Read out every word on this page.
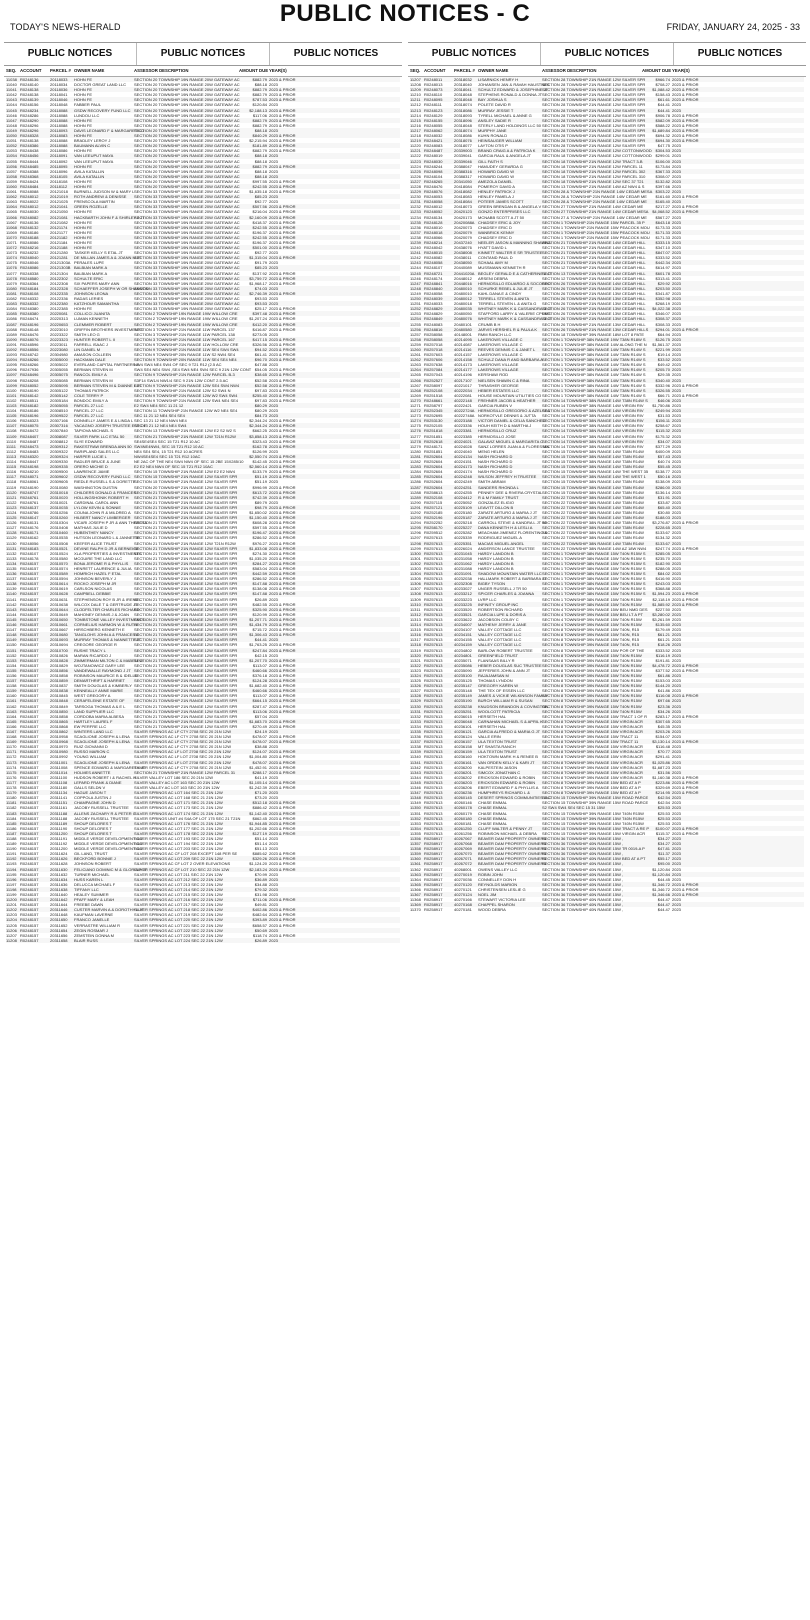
TODAY'S NEWS-HERALD	PUBLIC NOTICES - C	FRIDAY, JANUARY 24, 2025 - 33
PUBLIC NOTICES	PUBLIC NOTICES	PUBLIC NOTICES
SEQ. ACCOUNT	PARCEL # OWNER NAME	ASSESSOR DESCRIPTION	AMOUNT DUE YEAR(S)
11038 R0248136	20118033	HOHN FE	SECTION 20 TOWNSHIP 19N RANGE 20W GATEWAY AC	$882.79 2023 & PRIOR
11040 R0248140	20118034	DOCTOR GREAT LAND LLC	SECTION 20 TOWNSHIP 19N RANGE 20W GATEWAY AC	$88.18 2023
11041 R0248138	20118036	HOHN FE	SECTION 20 TOWNSHIP 19N RANGE 20W GATEWAY AC	$882.79 2023 & PRIOR
11042 R0248138	20118041	HOHN FE	SECTION 20 TOWNSHIP 19N RANGE 20W GATEWAY AC	$882.79 2023 & PRIOR
11043 R0248139	20118046	HOHN FE	SECTION 20 TOWNSHIP 19N RANGE 20W GATEWAY AC	$787.53 2023 & PRIOR
11044 R0248156	20118048	FABBER PAUL	SECTION 20 TOWNSHIP 19N RANGE 20W GATEWAY AC	$120.84 2023
11045 R0248234	20118088	GSDW RECOVERY FUND LLC SECTION 20 TOWNSHIP 19N RANGE 20W GATEWAY AC	$2,188.13 2023 & PRIOR
11046 R0248286	20118088	LUNDOU LLC	SECTION 20 TOWNSHIP 19N RANGE 20W GATEWAY AC	$117.06 2023 & PRIOR
11047 R0248290	20118088	HOHN FE	SECTION 20 TOWNSHIP 19N RANGE 20W GATEWAY AC	$882.79 2023 & PRIOR
11048 R0248296	20118088	HOHN FE	SECTION 20 TOWNSHIP 19N RANGE 20W GATEWAY AC	$882.79 2023 & PRIOR
11049 R0248296	20118093	DAVIS LEONARD F & MARGARET CO
SECTION 20 TOWNSHIP 19N RANGE 20W GATEWAY AC	$88.18 2023
11050 R0248328	20118083	HOHN FE	SECTION 20 TOWNSHIP 19N RANGE 20W GATEWAY AC	$840.29 2023 & PRIOR
11051 R0248138	20118088	BRADLEY LEROY J	SECTION 20 TOWNSHIP 19N RANGE 20W GATEWAY AC	$2,215.94 2023 & PRIOR
11052 R0248386	20118088	BAUMANN ALVIN C	SECTION 20 TOWNSHIP 19N RANGE 20W GATEWAY AC	$181.89 2023 & PRIOR
11053 R0248438	20118086	HOHN FE	SECTION 20 TOWNSHIP 19N RANGE 20W GATEWAY AC	$882.79 2023 & PRIOR
11054 R0248456	20118091	VAN LEEUPUT MAYA	SECTION 20 TOWNSHIP 19N RANGE 20W GATEWAY AC	$88.18 2023
11055 R0248444	20118092	VAN LEEUPUT MAYA	SECTION 20 TOWNSHIP 19N RANGE 20W GATEWAY AC	$88.18 2023
11056 R0248485	20118095	HOHN FE	SECTION 20 TOWNSHIP 19N RANGE 20W GATEWAY AC	$882.79 2023 & PRIOR
11057 R0248388	20118096	AVILA KATALLIN	SECTION 20 TOWNSHIP 19N RANGE 20W GATEWAY AC	$88.18 2023
11058 R0248368	20118105	AVILA KATALLIN	SECTION 20 TOWNSHIP 19N RANGE 20W GATEWAY AC	$88.18 2023
11059 R0248424	20118108	HOHN FE	SECTION 20 TOWNSHIP 19N RANGE 20W GATEWAY AC	$997.55 2023 & PRIOR
11060 R0248484	20118112	HOHN FE	SECTION 20 TOWNSHIP 19N RANGE 20W GATEWAY AC	$242.55 2023 & PRIOR
11061 R0248088	20121018	BURNELL JUDSON W & MARY L SECTION 33 TOWNSHIP 19N RANGE 20W GATEWAY AC	$1,635.18 2023 & PRIOR
11062 R0248012	20121019	ROTH ANDREW & DENISSE	SECTION 33 TOWNSHIP 19N RANGE 20W GATEWAY AC	$85.23 2023
11063 R0248022	20121025	FRENSCOLA MARTIN	SECTION 33 TOWNSHIP 19N RANGE 20W GATEWAY AC	$92.77 2023
11064 R0248012	20121041	GREEN ROZELLE	SECTION 33 TOWNSHIP 19N RANGE 20W GATEWAY AC	$507.56 2023 & PRIOR
11065 R0248030	20121050	HOHN FE	SECTION 33 TOWNSHIP 19N RANGE 20W GATEWAY AC	$216.04 2023 & PRIOR
11066 R0248082	20121081	HACKBARTH JOHN F & SHIRLEY J JT
SECTION 33 TOWNSHIP 19N RANGE 20W GATEWAY AC	$2,160.09 2023 & PRIOR
11067 R0248136	20121082	HOHN FE	SECTION 33 TOWNSHIP 19N RANGE 20W GATEWAY AC	$418.37 2023 & PRIOR
11068 R0248132	20121174	HOHN FE	SECTION 33 TOWNSHIP 19N RANGE 20W GATEWAY AC	$242.55 2023 & PRIOR
11069 R0248186	20121177	HOHN FE	SECTION 33 TOWNSHIP 19N RANGE 20W GATEWAY AC	$196.37 2023 & PRIOR
11070 R0248188	20121182	HOHN FE	SECTION 33 TOWNSHIP 19N RANGE 20W GATEWAY AC	$242.55 2023 & PRIOR
11071 R0248086	20121184	HOHN FE	SECTION 33 TOWNSHIP 19N RANGE 20W GATEWAY AC	$196.37 2023 & PRIOR
11072 R0248216	20121188	HOHN FE	SECTION 33 TOWNSHIP 19N RANGE 20W GATEWAY AC	$501.00 2023 & PRIOR
11073 R0248232	20121280	TASKER KELLY S ETAL JT	SECTION 33 TOWNSHIP 19N RANGE 20W GATEWAY AC	$92.77 2023
11074 R0248040	20121281	DE MILLAN JAMES A & JOANN M JT
SECTION 33 TOWNSHIP 19N RANGE 20W GATEWAY AC	$1,315.04 2023 & PRIOR
11075 R0248046	20121303A PERALES LUPE	SECTION 33 TOWNSHIP 19N RANGE 20W GATEWAY AC	$91.79 2023
11076 R0248086	20121303B BALBIAN MARK A	SECTION 33 TOWNSHIP 19N RANGE 20W GATEWAY AC	$85.23 2023
11077 R0248338	20121304	BALBIAN MARK A	SECTION 33 TOWNSHIP 19N RANGE 20W GATEWAY AC	$137.92 2023 & PRIOR
11078 R0248580	20122302	SCHULTE ERIC	SECTION 33 TOWNSHIP 19N RANGE 20W GATEWAY AC	$3,759.72 2023 & PRIOR
11079 R0248364	20122308	SIX PAPERS MARY ANN	SECTION 33 TOWNSHIP 19N RANGE 20W GATEWAY AC	$1,968.17 2023 & PRIOR
11080 R0248184	20122328	SCHAEFFER JOSEPH W OR SHANNON
SECTION 33 TOWNSHIP 19N RANGE 20W GATEWAY AC	$74.03 2023
11081 R0248108	20122335	JOHNSON LEONA	SECTION 33 TOWNSHIP 19N RANGE 20W GATEWAY AC	$2,746.39 2023 & PRIOR
11082 R0248332	20122336	RADAS LERIES	SECTION 33 TOWNSHIP 19N RANGE 20W GATEWAY AC	$93.53 2023
11083 R0248332	20122380	KATZHOUR SAMANTHA	SECTION 33 TOWNSHIP 19N RANGE 20W GATEWAY AC	$93.53 2023
11084 R0248380	20122385	HOHN FE	SECTION 33 TOWNSHIP 19N RANGE 20W GATEWAY AC	$25.17 2023 & PRIOR
11085 R0248380	20220081	COLLICCI JUANITA	SECTION 2 TOWNSHIP 19N RANGE 19W WILLOW CRE	$397.48 2023 & PRIOR
11086 R0248474	20220313	LUMAN KENNETH	SECTION 2 TOWNSHIP 19N RANGE 19W WILLOW CRE	$1,207.24 2023 & PRIOR
11087 R0248196	20220653	CLEMMER ROBERT	SECTION 2 TOWNSHIP 19N RANGE 19W WILLOW CRE	$412.20 2023 & PRIOR
11088 R0248148	20223010	GRIFFIN BROTHERS INVESTMENTS
SECTION 3 TOWNSHIP 21N RANGE 11W PARCEL 137	$416.87 2023 & PRIOR
11089 R0248476	20223322	SMITH LEO G	SECTION 3 TOWNSHIP 21N RANGE 11W PARCEL 138	$273.05 2023
11090 R0248076	20223323	HUNTER ROBERT L II	SECTION 3 TOWNSHIP 21N RANGE 11W PARCEL 167	$417.15 2023 & PRIOR
11091 R0248596	20223011	FARRELL ISAAC J	SECTION 9 TOWNSHIP 21N RANGE 11W HOLLOW CRE	$326.56 2023 & PRIOR
11092 R0248556	20223080	LIN DANIEL M	SECTION 9 TOWNSHIP 21N RANGE 11W SE4 SW4 SW4	$94.52 2023 & PRIOR
11093 R0248742	20304980	AMASON COLLEEN	SECTION 9 TOWNSHIP 20N RANGE 11W S2 NW4 SE4	$61.41 2023 & PRIOR
11094 R0248266	20305000	HACKMAN DALE	SECTION 9 TOWNSHIP 20N RANGE 11W SE4 SE4 NE4	$96.70 2023 & PRIOR
11095 R0248266	20305022	EVERLAND CAPITAL PARTNERS 4
NW4 SW4 NE4 SW4 OF SEC 9 T21 R12 (2.5 AC	$47.88 2023
11096 R0247936	20305055	BERMAN STEVEN M	SW4 SE4 NE4 SW4 ,SE4 SW4 NE4 SW4 SEC 9 21N 12W CONT $54.05 2023 & PRIOR
11097 R0248496	20305075	RANCOL EMILY A	SECTION 9 TOWNSHIP 21N RANGE 12W PARCEL B-3	$38.65 2023 & PRIOR
11098 R0248208	20305085	BERMAN STEVEN M	S3F14 SW1/4 NW1/4 SEC 9 21N 12W CONT 2.5 AC	$52.58 2023 & PRIOR
11099 R0248052	20305095	BERMAN STEVEN M & DIANNE L JT
SECTION 9 TOWNSHIP 21N RANGE 12W SE4 SW4 NW4	$52.58 2023 & PRIOR
11100 R0248190	20305122	THOMAS PATRICK	SECTION 9 TOWNSHIP 21N RANGE 12W S2 SW4 N	$97.83 2023 & PRIOR
11101 R0248142	20305142	COLE TERRY P	SECTION 9 TOWNSHIP 21N RANGE 12W W2 SW4 SW4	$255.40 2023 & PRIOR
11102 R0248511	20305184	BONDOC EMILY A	SECTION 9 TOWNSHIP 21N RANGE 12W SW4 NE4 SE4	$97.83 2023 & PRIOR
11103 R0248182	20305055	PARCEL 27 LLC	E2 SW4 NE4 SEC 11 21 12	$80.29 2023
11104 R0248186	20308510	PARCEL 27 LLC	SECTION 11 TOWNSHIP 21N RANGE 12W W2 NE4 SE4	$80.29 2023
11105 R0248196	20309522	PARCEL 27 LLC	SEC 11 21 12 NE4 SE4 SE4	$84.73 2023
11106 R0248323	20307166	DONNELLY JAMES E & LINDA L SEC 13 21 12 NE4 NW4 NE4	$2,344.24 2023 & PRIOR
11107 R0248075	20307316	YACAGNO JOSEPH TRUSTEE EST OF
SEC 13 21 12 NE4 NE4 SW4	$2,344.24 2023 & PRIOR
11108 R0248472	20307840	TAPIOVA MICHAEL S	SECTION 13 TOWNSHIP 21N RANGE 12W E2 S2 W2 S	$662.25 2023 & PRIOR
11109 R0248407	20308087	SILVER PARK LLC ETAL 50	SECTION 21 TOWNSHIP 21N RANGE 12W T21N R12W	$3,858.13 2023 & PRIOR
11110 R0248487	20308812	SLYE EDWARD	SE4SE4SE4 SEC 15 T21 R12 10 AC	$323.43 2023 & PRIOR
11111	R0248473	20309312	RAKESTRAW BRENDA ANN 50 SW4NE4NW4, SEC 15 T21 R12 10 AC	$162.78 2023 & PRIOR
11112 R0248483	20309322	RARIPLAND SALES LLC	NE4 SE4 SE4, 15 T21 R12 10 ACRES	$126.99 2023
11113 R0248320	20309324	HARPER LUCIE L	NW4SE4SE4 SEC 15 T21 R12 10AC	$2,550.74 2023 & PRIOR
11114 R0248447	20309330	RADLER BRUCE & JUNE	NE 2AC OF THE NE4 SW4 NW4 OF SEC 15 2BE 15X285/10	$142.45 2023 & PRIOR
11115 R0248198	20309335	ORERO MICHIE D	E2 E2 NE4 NW4 OF SEC 15 T21 R12 10AC	$2,560.14 2023 & PRIOR
11116 R0248210	20309500	LAWRENCE JAMIE	SECTION 15 TOWNSHIP 21N RANGE 12W E2 E2 NW4	$133.79 2023 & PRIOR
11117 R0248071	20309602	GSDW RECOVERY FUND LLC SECTION 15 TOWNSHIP 21N RANGE 12W SILVER SPR	$51.19 2023 & PRIOR
11118 R0248061	20309605	RIEDLE RUSSELL S & DORETTE
SECTION 15 TOWNSHIP 21N RANGE 12W SILVER SPR	$51.19 2023
11119 R0248190	20310080	WASHINGTON DUSTIN	SECTION 20 TOWNSHIP 21N RANGE 12W SILVER SPR	$996.99 2023 & PRIOR
11120 R0248747	20310018	CHILDERS DONALD & FRANCES
SECTION 21 TOWNSHIP 21N RANGE 12W SILVER SPR	$613.72 2023 & PRIOR
11121 R0248761	20310020	HOLLINGSHONIK ROBERT H	SECTION 21 TOWNSHIP 21N RANGE 12W SILVER SPR	$742.39 2023 & PRIOR
11122 R0248761	20310021	CARDINAL CAROL ANN	SECTION 21 TOWNSHIP 21N RANGE 12W SILVER SPR	$89.79 2023
11123 R0248137	20310035	LYLOW KEVIN & SONNIE	SECTION 21 TOWNSHIP 21N RANGE 12W SILVER SPR	$98.79 2023 & PRIOR
11124 R0248786	20310256	COUNA JOHN R & MILDRED A SECTION 21 TOWNSHIP 21N RANGE 12W SILVER SPR	$1,650.02 2023 & PRIOR
11125 R0248147	20310260	HILBERT NANCY LIMBERGER SECTION 21 TOWNSHIP 21N RANGE 12W SILVER SPR	$1,150.40 2023 & PRIOR
11126 R0248131	20310304	VICARI JOSEPH P JR & ANN THERESA
SECTION 21 TOWNSHIP 21N RANGE 12W SILVER SPR	$608.28 2023 & PRIOR
11127 R0248176	20310408	MATHIAS JULIE D	SECTION 21 TOWNSHIP 21N RANGE 12W SILVER SPR	$597.55 2023 & PRIOR
11128 R0248171	20310460	HUBENTHEY NANCY	SECTION 21 TOWNSHIP 21N RANGE 12W SILVER SPR	$196.47 2023 & PRIOR
11129 R0248162	20310535	HUTSON LEONARD L & JANNETTE
SECTION 21 TOWNSHIP 21N RANGE 12W SILVER SPR	$286.52 2023 & PRIOR
11130 R0248056	20310508	KEEFER ALICE TRUST	SECTION 21 TOWNSHIP 21N RANGE 12W T21N R12W	$976.27 2023 & PRIOR
11131 R0248183	20310521	DEVINE RALPH D JR & BERNEICE
SECTION 21 TOWNSHIP 21N RANGE 12W SILVER SPR	$1,833.08 2023 & PRIOR
11132 R0248107	20310524	XLA PROPERTIES & INVESTMENTS
SECTION 21 TOWNSHIP 21N RANGE 12W SILVER SPR	$274.30 2023 & PRIOR
11133 R0248178	20310580	MCGUIRE THE LAND LLC	SECTION 21 TOWNSHIP 21N RANGE 12W SILVER SPR	$1,035.20 2023 & PRIOR
11134 R0248157	20310570	BONA JEROME R & PHYLLIS	SECTION 21 TOWNSHIP 21N RANGE 12W SILVER SPR	$284.27 2023 & PRIOR
11135 R0248157	20310574	HENRETT LAURENCE & JULIA SECTION 21 TOWNSHIP 21N RANGE 12W SILVER SPR	$583.04 2023 & PRIOR
11136 R0248157	20310589	HOMRICH HAZEL F ETAL	SECTION 21 TOWNSHIP 21N RANGE 12W SILVER SPR	$442.59 2023 & PRIOR
11137 R0248157	20310594	JOHNSON BEVERLY J	SECTION 21 TOWNSHIP 21N RANGE 12W SILVER SPR	$286.52 2023 & PRIOR
11138 R0248157	20310614	ROCKO JOSEPH M JR	SECTION 21 TOWNSHIP 21N RANGE 12W SILVER SPR	$147.88 2023 & PRIOR
11139 R0248157	20310619	CARLSON NICOLAS	SECTION 21 TOWNSHIP 21N RANGE 12W SILVER SPR	$138.08 2023 & PRIOR
11140 R0248157	20310628	CAMPBELL DEBBIE	SECTION 21 TOWNSHIP 21N RANGE 12W SILVER SPR	$147.88 2023 & PRIOR
11141 R0248157	20310631	STEPHENSON ROY B JR & IRENE L
SECTION 21 TOWNSHIP 21N RANGE 12W SILVER SPR	$26.89 2023
11142 R0248157	20310638	WILCOX DALE T & GERTRUDE JT
SECTION 21 TOWNSHIP 21N RANGE 12W SILVER SPR	$482.55 2023 & PRIOR
11143 R0248157	20310644	CLODFELTER CHARLES RICHARD
SECTION 21 TOWNSHIP 21N RANGE 12W SILVER SPR	$325.90 2023 & PRIOR
11144 R0248157	20310649	MAHONEY DENNIS J & JOAN	SECTION 21 TOWNSHIP 21N RANGE 12W SILVER SPR	$120.99 2023 & PRIOR
11145 R0248157	20310650	TOMBSTONE VALLEY INVESTMENTS
SECTION 21 TOWNSHIP 21N RANGE 12W SILVER SPR	$1,207.71 2023 & PRIOR
11146 R0248157	20310661	CORNELIUS HARMON W & RUTH
SECTION 21 TOWNSHIP 21N RANGE 12W SILVER SPR	$1,434.79 2023 & PRIOR
11147 R0248157	20310667	HIRSCHBERG KENNETH E	SECTION 21 TOWNSHIP 21N RANGE 12W SILVER SPR	$715.72 2023 & PRIOR
11148 R0248157	20310680	TANGLOHS JOHN A & FRANCES C
SECTION 21 TOWNSHIP 21N RANGE 12W SILVER SPR	$1,306.43 2023 & PRIOR
11149 R0248157	20310693	MURRAY THOMAS & NANNETTE JT
SECTION 21 TOWNSHIP 21N RANGE 12W SILVER SPR	$44.41 2023
11150 R0248157	20310694	CREGORE GEORGE R	SECTION 21 TOWNSHIP 21N RANGE 12W SILVER SPR	$1,763.25 2023 & PRIOR
11151 R0248157	20310700	RUSHE TRACY L	SECTION 21 TOWNSHIP 21N RANGE 12W SILVER SPR	$247.84 2023 & PRIOR
11152 R0248157	20310826	MARAN RICARDO J	SECTION 21 TOWNSHIP 21N RANGE 12W SILVER SPR	$42.15 2023
11153 R0248157	20310828	ZIMMERMAN MILTON C & MABELI W
SECTION 21 TOWNSHIP 21N RANGE 12W SILVER SPR	$1,207.70 2023 & PRIOR
11154 R0248157	20310829	WOJTANOWICZ GARY LEE	SECTION 21 TOWNSHIP 21N RANGE 12W SILVER SPR	$113.07 2023 & PRIOR
11155 R0248157	20310856	VANDEWALLE RAYMOND J JT SECTION 21 TOWNSHIP 21N RANGE 12W SILVER SPR	$460.66 2023 & PRIOR
11156 R0248157	20310858	ROBINSON MAURICE B & IDELLE
SECTION 21 TOWNSHIP 21N RANGE 12W SILVER SPR	$376.18 2023 & PRIOR
11157 R0248157	20310859	DEMARTHRIFT & HARRIET	SECTION 21 TOWNSHIP 21N RANGE 12W SILVER SPR	$124.28 2023 & PRIOR
11158 R0248157	20310837	SMITH DOUGLAS & KIMBERLY SECTION 21 TOWNSHIP 21N RANGE 12W SILVER SPR	$1,682.40 2023 & PRIOR
11159 R0248157	20310838	KENNEALLY ANNE MARIE	SECTION 21 TOWNSHIP 21N RANGE 12W SILVER SPR	$460.66 2023 & PRIOR
11160 R0248157	20310845	WEST GREGORY A	SECTION 21 TOWNSHIP 21N RANGE 12W SILVER SPR	$113.07 2023 & PRIOR
11161 R0248157	20310848	CERAFELEINE ESTATE OF	SECTION 21 TOWNSHIP 21N RANGE 12W SILVER SPR	$664.15 2023 & PRIOR
11162 R0248157	20310849	TARSOGA THOMAS A & E L	SECTION 21 TOWNSHIP 21N RANGE 12W SILVER SPR	$287.47 2023 & PRIOR
11163 R0248157	20310850	LAND SUPPLIER LLC	SECTION 21 TOWNSHIP 21N RANGE 12W SILVER SPR	$113.06 2023 & PRIOR
11164 R0248157	20310858	CORDOBA MARIA ALBESA	SECTION 21 TOWNSHIP 21N RANGE 12W SILVER SPR	$57.04 2023
11165 R0248157	20310865	HARTLEY LAUREL F	SECTION 21 TOWNSHIP 21N RANGE 12W SILVER SPR	$1,683.70 2023 & PRIOR
11166 R0248157	20310868	EW PERFRE LLC	SECTION 21 TOWNSHIP 21N RANGE 12W SILVER SPR	$270.49 2023 & PRIOR
11167 R0248157	20310862	WINTERS LAND LLC	SILVER SPRINGS AC LF CTY 2708 SEC 20 21N 12W	$24.19 2023
11168 R0248157	20310958	SCAGLIONE JOSEPH & LENA	SILVER SPRINGS AC LF CTY 2708 SEC 20 21N 12W	$478.07 2023 & PRIOR
11169 R0248157	20310968	SCAGLIONE JOSEPH & LENA	SILVER SPRINGS AC LF CTY 2708 SEC 20 21N 12W	$478.07 2023 & PRIOR
11170 R0248157	20310970	RUIZ GIOVANNI D	SILVER SPRINGS AC LF CTY 2708 SEC 20 21N 12W	$38.88 2023
11171 R0248157	20310980	RUSSO MARION C	SILVER SPRINGS AC LF LOT 2708 SEC 20 21N 12W	$124.07 2023 & PRIOR
11172 R0248157	20310992	YOUNG WILLIAM	SILVER SPRINGS AC LF LOT 2708 SEC 20 21N 12W	$1,004.80 2023 & PRIOR
11173 R0248157	20311001	SCAGLIONE JOSEPH & LENA	SILVER SPRINGS AC LF LOT 2708 SEC 20 21N 12W	$478.07 2023 & PRIOR
11174 R0248157	20311008	SPENCE EDWARD & MARGARETH JT
SILVER SPRINGS AC LF CTY 2708 SEC 20 21N 12W	$1,452.91 2023 & PRIOR
11175 R0248157	20311014	HOLMES ANNETTE	SECTION 21 TOWNSHIP 21N RANGE 12W PARCEL 31	$288.17 2023 & PRIOR
11176 R0248157	20311100	HUDSON ROBERT I & RACHEL H
SILVER VALLEY LOT 186 SEC 20 21N 12W	$41.19 2023
11177 R0248157	20311108	LEPARD FRANK & DIANE	SILVER VALLEY AC LOT 163 SEC 20 21N 12W	$1,105.14 2023 & PRIOR
11178 R0248157	20311180	GALLS SELDN V	SILVER VALLEY AC LOT 163 SEC 20 21N 12W	$1,242.39 2023 & PRIOR
11179 R0248157	20311134	HAGUE JASON T	SILVER SPRINGS AC LOT 164 SEC 21 21N 12W	$71.20 2023
11180 R0248157	20311141	COPPOLA JUSTIN J	SILVER SPRINGS AC LOT 168 SEC 21 21N 12W	$73.20 2023
11181 R0248157	20311151	CHAMPAGNE JOHN D	SILVER SPRINGS AC LOT 171 SEC 21 21N 12W	$512.18 2023 & PRIOR
11182 R0248157	20311161	JACOBY RUSSELL TRUSTEE	SILVER SPRINGS AC LOT 173 SEC 21 21N 12W	$886.42 2023 & PRIOR
11183 R0248157	20311188	ALLENS ZACHARY R & PETER C
SILVER SPRINGS AC LOT 174 SEC 21 21N 12W	$1,142.40 2023 & PRIOR
11184 R0248157	20311188	JACOBY RUSSELL TRUSTEE	SILVER SPRINGS UNIT #4 S4A OF LOT 175 SEC 21 T21N	$862.45 2023 & PRIOR
11185 R0248157	20311189	SHOUP DELORES T	SILVER SPRINGS AC LOT 176 SEC 21 21N 12W	$1,944.85 2023 & PRIOR
11186 R0248157	20311190	SHOUP DELORES T	SILVER SPRINGS AC LOT 177 SEC 21 21N 12W	$1,202.66 2023 & PRIOR
11187 R0248157	20311200	SHOUP DELORES T	SILVER SPRINGS AC LOT 178 SEC 22 21N 12W	$127.19 2023 & PRIOR
11188 R0248157	20311191	MIDDLE VERDE DEVELOPMENT CO
SILVER SPRINGS AC LOT 193 SEC 22 21N 12W	$51.14 2023
11189 R0248157	20311192	MIDDLE VERDE DEVELOPMENT CO
SILVER SPRINGS AC LOT 194 SEC 22 21N 12W	$51.14 2023
11190 R0248157	20311200	MIDDLE VERDE DEVELOPMENT CO
SILVER SPRINGS AC LOT 203 SEC 22 21N 12W	$51.13 2023
11191 R0248157	20311624	GIL LAND, TRUST	SILVER SPRINGS AC CF LOT 208 EXCEPT 148 PER SE	$885.62 2023 & PRIOR
11192 R0248157	20311626	BECKFORD BONNIE J	SILVER SPRINGS AC LOT 209 SEC 22 21N 12W	$329.26 2023 & PRIOR
11193 R0248157	20311628	JOHNSON ROBERT	SILVER SPRINGS AC CF LOT 2 OVER ELEVATIONS	$1,124.20 2023 & PRIOR
11194 R0248157	20311630	FELICIANO DOMINIC M & GLORIA P JT
SILVER SPRINGS AC CF LOT 210 SEC 22 21N 12W	$2,183.24 2023 & PRIOR
11195 R0248157	20311632	TURNER MICHAEL	SILVER SPRINGS AC LOT 211 SEC 22 21N 12W	$70.99 2023
11196 R0248157	20311634	HUSS KAREN L	SILVER SPRINGS AC LOT 212 SEC 22 21N 12W	$36.89 2023
11197 R0248157	20311636	DELUCCA MICHAEL F	SILVER SPRINGS AC LOT 213 SEC 22 21N 12W	$34.88 2023
11198 R0248157	20311638	TIFFANY LLC	SILVER SPRINGS AC LOT 214 SEC 22 21N 12W	$79.32 2023
11199 R0248157	20311640	HEALEY SUMMER	SILVER SPRINGS AC LOT 215 SEC 22 21N 12W	$31.98 2023
11200 R0248157	20311642	PFAFF MARY & LEAH	SILVER SPRINGS AC LOT 216 SEC 22 21N 12W	$711.06 2023 & PRIOR
11201 R0248157	20311644	FREEBE DAWN	SILVER SPRINGS AC LOT 217 SEC 22 21N 12W	$49.81 2023
11202 R0248157	20311646	CUSTER MARVIN A & DOROTHY L JT
SILVER SPRINGS AC LOT 218 SEC 22 21N 12W	$402.86 2023 & PRIOR
11203 R0248157	20311648	KAUFMAN LAVERNE	SILVER SPRINGS AC LOT 219 SEC 22 21N 12W	$482.64 2023 & PRIOR
11204 R0248157	20311650	FRANCO JANELLE	SILVER SPRINGS AC LOT 220 SEC 22 21N 12W	$393.89 2023 & PRIOR
11205 R0248157	20311652	VERRASTRE WILLIAM R	SILVER SPRINGS AC LOT 221 SEC 22 21N 12W	$658.57 2023 & PRIOR
11206 R0248157	20311654	ZEGIN ROSMAR J	SILVER SPRINGS AC LOT 222 SEC 22 21N 12W	$50.69 2023
11207 R0248157	20311656	ZEMSTEIN DONNA M	SILVER SPRINGS AC LOT 223 SEC 22 21N 12W	$118.74 2023 & PRIOR
11208 R0248157	20311658	BLAIR RUSS	SILVER SPRINGS AC LOT 224 SEC 22 21N 12W	$26.89 2023
PUBLIC NOTICES	PUBLIC NOTICES	PUBLIC NOTICES
SEQ. ACCOUNT	PARCEL # OWNER NAME	ASSESSOR DESCRIPTION	AMOUNT DUE YEAR(S)
11207 R0248011	20318032	LISARNICK HENRY H	SECTION 28 TOWNSHIP 21N RANGE 12W SILVER SPR	$966.74 2023 & PRIOR
11208 R0248013	20318040	JOHANSEN JAN & RAVAH HAUSTNES
SECTION 28 TOWNSHIP 21N RANGE 12W SILVER SPR	$708.27 2023 & PRIOR
11209 R0248073	20318041	SCHULTZ EDWARD & JOSEPHINE JT
SECTION 28 TOWNSHIP 21N RANGE 12W SILVER SPR	$1,088.42 2023 & PRIOR
11210 R0248110	20318048	STEPHENS RONALD & DONNA JT SECTION 28 TOWNSHIP 21N RANGE 12W SILVER SPR	$158.43 2023 & PRIOR
11211 R0248095	20318048	BAY JOSHUA S	SECTION 28 TOWNSHIP 21N RANGE 12W SILVER SPR	$61.61 2023 & PRIOR
11212 R0248111	20318074	POLETE DAVID R	SECTION 28 TOWNSHIP 21N RANGE 12W SILVER SPR	$44.41 2023
11213 R0248123	20318086	MURRAY JESSIE T	SECTION 28 TOWNSHIP 21N RANGE 12W SILVER SPR	$44.41 2023
11214 R0248129	20318093	TYRELL MICHAEL & ANNE G	SECTION 28 TOWNSHIP 21N RANGE 12W SILVER SPR	$906.78 2023 & PRIOR
11215 R0248155	20318096	ANSLEY SADIE R	SECTION 28 TOWNSHIP 21N RANGE 12W SILVER SPR	$582.09 2023 & PRIOR
11216 R0248055	20318048	STERLY LAND HOLDINGS LLC 50 SECTION 28 TOWNSHIP 21N RANGE 12W SILVER SPR	$588.22 2023 & PRIOR
11217 R0248062	20318074	MURPHY JANE	SECTION 28 TOWNSHIP 21N RANGE 12W SILVER SPR	$1,689.84 2023 & PRIOR
11218 R0248032	20318086	KUHN RONALD	SECTION 28 TOWNSHIP 21N RANGE 12W SILVER SPR	$694.32 2023 & PRIOR
11219 R0248421	20318076	HEINSAUGER WILLIAM	SECTION 28 TOWNSHIP 21N RANGE 12W SILVER SPR	$694.30 2023 & PRIOR
11220 R0248083	20318077	LAYTON OTIS P	SECTION 28 TOWNSHIP 21N RANGE 12W SILVER SPR	$47.75 2023
11221 R0248487	20339003	BRAND CRAIG A & PATRICIA K	SECTION 28 TOWNSHIP 21N RANGE 12W COTTONWOOD $304.53 2023
11222 R0248019	20339041	GARCIA RAUL & ANGELA JT	SECTION 18 TOWNSHIP 21N RANGE 12W COTTONWOOD $299.01 2023
11223 R0248030	20339046	GILL FAITH S	SECTION 18 TOWNSHIP 21N RANGE 12W TRACT 3-B	$106.00 2023
11224 R0248244	20388047	HAMUDEY GERARDA G	SECTION 18 TOWNSHIP 21N RANGE 12W PARCEL 11	$173.84 2023
11225 R0248098	20388316	HOWARD DAVID W	SECTION 18 TOWNSHIP 21N RANGE 12W PARCEL 302	$367.33 2023
11226 R0248104	20388317	HOWARD DAVID W	SECTION 18 TOWNSHIP 21N RANGE 12W PARCEL 310	$308.07 2023
11227 R0248265	20341050	AMEZOLA DANIEL	SECTION 18 TOWNSHIP 21N RANGE 12W SEC 37 T21	$132.82 2023
11228 R0248476	20418084	POMEROY DAVID A	SECTION 13 TOWNSHIP 21N RANGE 14W AZ NW4 & S	$397.66 2023
11229 R0248076	20418082	HENLEY PATRICK J	SECTION 28 & TOWNSHIP 21N RANGE 14W CEDAR MESA $303.22 2023
11230 R0248053	20418083	HENLEY PAMELA J	SECTION 28 & TOWNSHIP 21N RANGE 14W CEDAR ME	$161.60 2023 & PRIOR
11231 R0248058	20418084	POTEER JAMES SCOTT	SECTION 28 & TOWNSHIP 21N RANGE 14W CEDAR ME	$165.40 2023
11232 R0248012	20418073	GREEN BRENDAN B & ANGELA V SECTION 27 TOWNSHIP 21N RANGE 14W CEDAR ME	$217.27 2023 & PRIOR
11233 R0248052	20420123	GONZO ENTERPRISES LLC	SECTION 27 TOWNSHIP 21N RANGE 14W CEDAR MESA $4,068.52 2023 & PRIOR
11234 R0248134	20420173	MCNABB SCOTT A JT 50	SECTION 27 & TOWNSHIP 21N RANGE 14W CEDAR ME	$567.27 2023
11235 R0248128	20420088A CHADSEY ERIC & JOY	SECTION 1 TOWNSHIP 21N RANGE 15W PARCEL 35 P	$643.18 2023
11236 R0248010	20420073	CHADSEY ERIC D	SECTION 1 TOWNSHIP 21N RANGE 15W PEACOCK MOU	$173.33 2023
11237 R0248018	20420079	WANBRICK KENNY	SECTION 1 TOWNSHIP 21N RANGE 15W PEACOCK MOU	$171.33 2023
11238 R0248066	20420079	CHADSEY ERIC D	SECTION 1 TOWNSHIP 21N RANGE 15W PEACOCK MOU	$171.33 2023
11239 R0248214	20437240	NEELER JASON & MANNING SHAWNA
SECTION 21 TOWNSHIP 21N RANGE 14W CEDAR HILL	$333.15 2023
11240 R0248042	20438076	HYATT DAVID L	SECTION 21 TOWNSHIP 21N RANGE 14W CEDAR HILL	$347.10 2023
11241 R0248015	20438008	KINNETT WALTER E SR TRUSTEE SECTION 21 TOWNSHIP 21N RANGE 14W CEDAR HILL	$847.07 2023
11242 R0248082	20438011	CONTAND PAUL D	SECTION 21 TOWNSHIP 21N RANGE 14W CEDAR HILL	$333.52 2023
11243 R0248058	20438050	SCHAAL AMY M	SECTION 21 TOWNSHIP 21N RANGE 14W CEDAR HILL	$442.34 2023
11244 R0248107	20440089	MUSSMANN KENNETH R	SECTION 12 TOWNSHIP 21N RANGE 14W CEDAR HILL	$614.97 2023
11245 R0248721	20441020A BEGLEY GERALD E & CATHERINE L JT
SECTION 13 TOWNSHIP 21N RANGE 14W CEDAR HILL	$601.78 2023
11246 R0248174	20448012	ARSENI DEBRA	SECTION 12 TOWNSHIP 21N RANGE 14W CEDAR HILL	$313.41 2023
11247 R0248841	20448016	HERMOSILLO EDUARDO & SOCORRO
SECTION 26 TOWNSHIP 21N RANGE 14W CEDAR HILL	$29.92 2023
11248 R0248840	20480010	SCHURKE REBEL & JULIE JT	SECTION 26 TOWNSHIP 21N RANGE 13W CEDAR HILL	$203.50 2023
11249 R0248058	20480010	KAHL DANA E & CINDY	SECTION 26 TOWNSHIP 21N RANGE 13W CEDAR HILL	$341.87 2023
11250 R0248039	20480012	TERRELL STEVEN & ANITA	SECTION 26 TOWNSHIP 21N RANGE 13W CEDAR HILL	$352.98 2023
11251 R0248033	20480018	TERRELL STEVEN L & ANITA G	SECTION 26 TOWNSHIP 21N RANGE 13W CEDAR HILL	$268.19 2023
11252 R0248829	20480035	WHITNEY MARK K & CASSANDRA D JT
SECTION 26 TOWNSHIP 21N RANGE 13W CEDAR HILL	$4,022.38 2023
11253 R0248829	20480050	STAFFORD LARRY & VALERIE CPUMS
SECTION 26 TOWNSHIP 21N RANGE 13W CEDAR HILL	$346.07 2023
11254 R0248849	20480076	WHITNEY MARK K & CASSANDRA D JT
SECTION 26 TOWNSHIP 21N RANGE 13W CEDAR HILL	$308.37 2023
11255 R0248083	20480101	CRUMB B H	SECTION 26 TOWNSHIP 21N RANGE 13W CEDAR HILL	$308.33 2023
11256 R0248816	20480580	JARVIS HERSHEL R & PAULA K	SECTION 26 TOWNSHIP 21N RANGE 13W CEDAR HILLS	$294.01 2023 & PRIOR
11257 R0258058	40148001	RMM RANCH LLC	SECTION 18 TOWNSHIP 39N RANGE 18W LOT 8 PATE	$64.94 2023
11258 R0258058	40214095	LAKEROWS VILLAGE C	SECTION 1 TOWNSHIP 38N RANGE 19W T38N R18W S	$126.75 2023
11259 R0257018	40214087	LAKEROWS VILLAGE C	SECTION 1 TOWNSHIP 38N RANGE 14W ALONG THE N	$1,561.37 2023
11260 R0257018	40214116	REEVES DENNIS C & JANET L	SECTION 1 TOWNSHIP 38N RANGE 14W T38N R14W S	$221.99 2023
11261 R0257603	40214157	LAKEROWS VILLAGE C	SECTION 1 TOWNSHIP 38N RANGE 14W T38N R14W S	$19.14 2023
11262 R0257606	40214158	SCHULZ DANA R AND BARBARA A SECTION 1 TOWNSHIP 38N RANGE 14W T38N R14W S	$33.52 2023
11263 R0257638	40214173	LAKEROWS VILLAGE	SECTION 1 TOWNSHIP 38N RANGE 14W T38N R14W S	$49.42 2023
11264 R0257084	40214177	LAKEROWS VILLAGE	SECTION 1 TOWNSHIP 38N RANGE 14W T38N R14W S	$205.70 2023
11265 R0257043	40214196	KERSHAW ROD	SECTION 1 TOWNSHIP 38N RANGE 14W T38N R14W S	$29.35 2023
11266 R0252527	40217107	NIELSEN SHAWN C & RINA	SECTION 1 TOWNSHIP 38N RANGE 14W T38N R14W S	$340.40 2023
11267 R0258097	40221017	THRASHER GEORGE	SECTION 1 TOWNSHIP 38N RANGE 14W T38N R14W S	$332.96 2023 & PRIOR
11268 R0252108	40222034	HEBER ESTATES LLC	SECTION 1 TOWNSHIP 38N RANGE 14W T38N R14W S	$326.55 2023
11269 R0251518	40222081	HOUSE MOUNTAIN UTILITIES CO SECTION 1 TOWNSHIP 38N RANGE 14W T38N R14W S	$66.71 2023 & PRIOR
11270 R0248661	40222148	FREHNER JACOB & HEATHER	SECTION 14 TOWNSHIP 38N RANGE 14W T38N R14W S	$46.06 2023
11271 R0258797	40222421	GARCIA RUBEN V	SECTION 14 TOWNSHIP 38N RANGE 14W VIRGIN RIV	$1,750.86 2023
11272 R0252345	40222724A HERMOSILLO GREGORIO & AZELSEA
SECTION 14 TOWNSHIP 38N RANGE 14W VIRGIN RIV	$249.94 2023
11273 R0252695	40222748A NORKOTVLE DENNIS & JUTTA	SECTION 14 TOWNSHIP 38N RANGE 14W VIRGIN RIV	$31.53 2023
11274 R0253130	40223188	VICTOR DANIEL & CELIA SANCHEZ
SECTION 14 TOWNSHIP 38N RANGE 14W VIRGIN RIV	$156.11 2023
11275 R0252105	40223336	HOUH KEITH D & MARTHA J	SECTION 14 TOWNSHIP 38N RANGE 14W VIRGIN RIV	$258.67 2023
11276 R0251818	40223381	HERMOSILLO CRUZ	SECTION 14 TOWNSHIP 38N RANGE 14W VIRGIN RIV	$115.32 2023
11277 R0251851	40223385	HERMOSILLO JOSE	SECTION 14 TOWNSHIP 38N RANGE 14W VIRGIN RIV	$175.32 2023
11278 R0252618	40224021	GALAVIZ MIGUEL & MARGARITA C
SECTION 14 TOWNSHIP 38N RANGE 14W VIRGIN RIV	$34.07 2023
11279 R0248171	40224028	SANZ LORRES JUAN A & FLORES MA
SECTION 14 TOWNSHIP 38N RANGE 14W VIRGIN RIV	$377.29 2023
11280 R0251851	40224040	MENG HELEN	SECTION 15 TOWNSHIP 38N RANGE 14W T38N R14W	$400.09 2023
11281 R0252604	40224134	NASH RICHARD D	SECTION 15 TOWNSHIP 38N RANGE 14W T38N R14W	$57.43 2023
11282 R0252604	40224151	NASH RICHARD D	SECTION 15 TOWNSHIP 38N RANGE 14W T38N R14W	$40.74 2023
11283 R0252604	40224173	NASH RICHARD D	SECTION 15 TOWNSHIP 38N RANGE 14W T38N R14W	$55.45 2023
11284 R0252604	40224174	NASH RICHARD D	SECTION 15 TOWNSHIP 38N RANGE 14W THE WEST 35	$138.77 2023
11285 R0252604	40224248	WILSON JEFFREY H TRUSTEE	SECTION 15 TOWNSHIP 38N RANGE 14W THE WEST 1	$50.16 2023
11286 R0252604	40224249	SMITH ABRAM	SECTION 15 TOWNSHIP 38N RANGE 14W T38N R14W	$138.09 2023
11287 R0252604	40224251	SANDERS RHONDA L	SECTION 15 TOWNSHIP 38N RANGE 14W T38N R14W	$286.00 2023
11288 R0258613	40224255	PENNEY DEE & RIVERA CRYSTAL SECTION 15 TOWNSHIP 38N RANGE 14W T38N R14W	$136.14 2023
11289 R0252108	40224412	R & M FAMILY TRUST	SECTION 22 TOWNSHIP 38N RANGE 14W T38N R14W	$31.91 2023
11290 R0257115	40225052	GONZALEZ ELIGIO	SECTION 22 TOWNSHIP 38N RANGE 14W T38N R14W	$33.87 2023
11291 R0257121	40225109	LEAVITT DILLON B	SECTION 22 TOWNSHIP 38N RANGE 14W T38N R14W	$65.40 2023
11292 R0252185	40225180	ZARATE ARTURO & MARIA J JT	SECTION 22 TOWNSHIP 38N RANGE 14W T38N R14W	$30.80 2023
11293 R0252196	40225187	ZARATE ARTURO & MARIA J JT	SECTION 22 TOWNSHIP 38N RANGE 14W T38N R14W	$188.03 2023
11294 R0252252	40225218	CARROLL STEVE & KANDRA L JT 50
SECTION 22 TOWNSHIP 38N RANGE 14W T38N R14W	$3,276.87 2023 & PRIOR
11295 R0258170	40225227	DANA KENNETH H & LESLI A	SECTION 22 TOWNSHIP 38N RANGE 14W T38N R14W	$228.65 2023
11296 R0259512	40225282	MEACHAM JIMENEZ FLORENTINO &
SECTION 22 TOWNSHIP 38N RANGE 14W T38N R14W	$133.67 2023
11297 R0257613	40225339	RODRIGUEZ MIGUEL A	SECTION 22 TOWNSHIP 38N RANGE 14W T38N R14W	$134.32 2023
11298 R0257613	40225351	MACIAS MIGUEL ANGEL	SECTION 22 TOWNSHIP 38N RANGE 14W T38N R14W	$133.67 2023
11299 R0257613	40226024	ANDERSON LANCE TRUSTEE	SECTION 22 TOWNSHIP 38N RANGE 14W AZ 18W NW4	$247.74 2023 & PRIOR
11300 R0257613	40231045	HARDY LANDON B	SECTION 1 TOWNSHIP 38N RANGE 15W T40N R15W S	$285.05 2023
11301 R0257613	40231058	HARDY LANDON B	SECTION 1 TOWNSHIP 38N RANGE 15W T40N R15W S	$235.70 2023
11302 R0257613	40231062	HARDY LANDON B	SECTION 1 TOWNSHIP 38N RANGE 15W T40N R15W S	$182.90 2023
11303 R0257613	40231088	HARDY LANDON B	SECTION 1 TOWNSHIP 38N RANGE 15W T40N R15W S	$288.05 2023
11304 R0257613	40231091	SHADOW MOUNTAIN WATER LLC SECTION 1 TOWNSHIP 38N RANGE 15W T40N R15W S	$84.02 2023
11305 R0257613	40232038	HALLMARK ROBERT & BARBARA JT
SECTION 1 TOWNSHIP 38N RANGE 15W T40N R15W S	$416.90 2023
11306 R0257613	40232308	BIGBY TYSON	SECTION 1 TOWNSHIP 38N RANGE 15W T40N R15W S	$243.03 2023
11307 R0257613	40233027	UNGER RUSSELL J TR 50	SECTION 1 TOWNSHIP 38N RANGE 15W T40N R15W S	$368.88 2023
11308 R0257613	40233212	SPICER CHARLES & JOANNA	SECTION 1 TOWNSHIP 38N RANGE 15W T40N R15W S	$1,594.23 2023 & PRIOR
11309 R0257613	40233223	LVRP LLC	SECTION 1 TOWNSHIP 38N RANGE 15W T40N R15W	$2,118.19 2023 & PRIOR
11310 R0257613	40233225	INFINITY GROUP INC	SECTION 4 TOWNSHIP 38N RANGE 15W T40N R15W	$1,585.92 2023 & PRIOR
11311 R0257613	40233520	ROBERTSON RICHARD	SECTION 4 TOWNSHIP 39N RANGE 15W BEU NMD DES	$227.50 2023
11312 R0257613	40233521	GARCIA LUPE & DORIS A	SECTION 4 TOWNSHIP 39N RANGE 15W BEU LT A PT	$3,280.02 2023
11313 R0257613	40233622	JACOBSON COLBY C	SECTION 4 TOWNSHIP 39N RANGE 15W T40N R15W	$3,261.59 2023
11314 R0257613	40234007	MATHENY JERRY & JANE	SECTION 4 TOWNSHIP 39N RANGE 15W T40N R15W	$135.60 2023
11315 R0257613	40234107	VALLEY COTTAGE LLC	SECTION 8 TOWNSHIP 39N RANGE 15W T40N, R15	$179.49 2023
11316 R0257613	40234151	VALLEY COTTAGE LLC	SECTION 8 TOWNSHIP 39N RANGE 15W T40N, R15	$61.21 2023
11317 R0257613	40234155	VALLEY COTTAGE LLC	SECTION 8 TOWNSHIP 39N RANGE 15W T40N, R15	$61.21 2023
11318 R0257613	40234159	VALLEY COTTAGE LLC	SECTION 8 TOWNSHIP 39N RANGE 15W T40N, R15	$18.26 2023
11319 R0257613	40234802	BARLOW ROBERT TRUSTEE	SECTION 8 TOWNSHIP 39N RANGE 15W POR OF THE	$333.52 2023
11320 R0257613	40234801	GREENFIELD TRUST	SECTION 8 TOWNSHIP 39N RANGE 15W T40N R15W	$116.19 2023
11321 R0257613	40235071	FLANSAAS BILLY R	SECTION 8 TOWNSHIP 39N RANGE 15W T40N R15W	$191.81 2023
11322 R0257613	40235086	HEBER DOUGLAS SUC TRUSTEE SECTION 8 TOWNSHIP 39N RANGE 15W T40N R15W	$4,478.72 2023 & PRIOR
11323 R0257613	40235090	JEFFERIES JOHN & ANN JT	SECTION 8 TOWNSHIP 39N RANGE 15W T40N R15W	$377.52 2023 & PRIOR
11324 R0257613	40235100	RAJAJAMSAN M	SECTION 8 TOWNSHIP 39N RANGE 15W T40N R15W	$61.86 2023
11325 R0257613	40235125	THOMAS LYNDON	SECTION 8 TOWNSHIP 39N RANGE 15W T40N R15W	$153.03 2023
11326 R0257613	40235147	GREGORY KAREN W	SECTION 8 TOWNSHIP 39N RANGE 15W T40N R15W	$144.20 2023
11327 R0257613	40235148	THE TEX OF ESSEN LLC	SECTION 8 TOWNSHIP 39N RANGE 15W T40N R15W	$41.86 2023
11328 R0257613	40235149	JAMES & VICKIE WILKINSON FAMILY
SECTION 8 TOWNSHIP 39N RANGE 15W T40N R15W	$116.08 2023 & PRIOR
11329 R0257613	40235190	BURCH WILLIAM R & SUSAN	SECTION 8 TOWNSHIP 39N RANGE 15W T40N R15W	$97.66 2023
11330 R0257613	40235238	KNUDSON BRANDON & COVINGTON
SECTION 8 TOWNSHIP 39N RANGE 15W T40N R15W	$23.36 2023
11331 R0257613	40235251	WOOLCOTT PATRICIA	SECTION 8 TOWNSHIP 39N RANGE 15W T40N R15W	$34.26 2023
11332 R0257613	40236015	HERSETH HAL	SECTION 8 TOWNSHIP 39N RANGE 15W TRACT 1 OF R	$283.17 2023 & PRIOR
11333 R0257613	40236048	CARNAHAN MICHAEL S & APRIL K SECTION 8 TOWNSHIP 39N RANGE 15W VIRGIN ACR	$307.65 2023
11334 R0257613	40236101	HERSETH HAL	SECTION 8 TOWNSHIP 39N RANGE 15W VIRGIN ACR	$45.35 2023
11335 R0257613	40236121	GARCIA ALFREDO & MARIA G JT SECTION 8 TOWNSHIP 39N RANGE 15W VIRGIN ACR	$203.26 2023
11336 R0257613	40236124	VALLE ERIN	SECTION 8 TOWNSHIP 39N RANGE 15W TRACT 11	$154.07 2023
11337 R0257613	40236157	ULA TEXTON TRUST	SECTION 8 TOWNSHIP 39N RANGE 15W TRACT 11	$3,130.14 2023 & PRIOR
11338 R0257613	40236158	MT SHASTA RANCH	SECTION 8 TOWNSHIP 39N RANGE 15W VIRGIN ACR	$116.48 2023
11339 R0257613	40236159	ULA TEXTON TRUST	SECTION 8 TOWNSHIP 39N RANGE 15W VIRGIN ACR	$70.77 2023
11340 R0257613	40236160	HOKTOWN MARK H & RENEE B	SECTION 8 TOWNSHIP 39N RANGE 15W VIRGIN ACR	$291.41 2023
11341 R0257613	40236161	VAN ORDEN KELLY & KARI JT	SECTION 8 TOWNSHIP 39N RANGE 15W VIRGIN ACR	$1,025.86 2023
11342 R0257613	40236200	KALPESTEIN JASON	SECTION 8 TOWNSHIP 39N RANGE 15W VIRGIN ACR	$1,687.23 2023
11343 R0257613	40236201	SIMCOX JONATHAN C	SECTION 8 TOWNSHIP 39N RANGE 15W VIRGIN ACR	$31.56 2023
11344 R0257613	40236202	ERICKSON EDWARD & ROBIN	SECTION 8 TOWNSHIP 39N RANGE 15W VIRGIN ACR	$1,160.38 2023 & PRIOR
11345 R0257613	40236203	ERICKSON EDWARD & ROBIN	SECTION 8 TOWNSHIP 39N RANGE 15W BED AT A P	$223.86 2023 & PRIOR
11346 R0257613	40236206	EBERT EDWARD F & PHYLLIS A SECTION 8 TOWNSHIP 39N RANGE 15W BED AT A P	$329.69 2023 & PRIOR
11347 R0257613	40236236	HUMPHREYS RICHARD L &	SECTION 8 TOWNSHIP 39N RANGE 15W BED AT A P	$214.95 2023 & PRIOR
11348 R0257613	40260145	DESERT SPRINGS COMMUNITIES LLC
SECTION 15 TOWNSHIP 39N RANGE 15W ROAD PARCE	$42.54 2023
11349 R0257613	40260146	CHASE EMMAL	SECTION 15 TOWNSHIP 39N RANGE 15W ROAD PARCE	$42.54 2023
11350 R0257613	40260178	CHASE EMMAL	S2 SW4 SW4 SE4 SEC 15 31 15W	$25.53 2023
11351 R0257613	40260179	CHASE EMMAL	SECTION 15 TOWNSHIP 39N RANGE 15W T40N R15W	$25.53 2023
11352 R0257613	40260180	CHASE EMMAL	SECTION 15 TOWNSHIP 39N RANGE 15W T40N R15W	$25.53 2023
11353 R0257613	40260181	CHASE EMMAL	SECTION 15 TOWNSHIP 39N RANGE 15W T40N R15W	$25.53 2023
11354 R0257613	40261250	CLUFF WALTER & PENNY JT	SECTION 15 TOWNSHIP 39N RANGE 15W TRACT A RE P	$100.07 2023 & PRIOR
11355 R0257613	40261256	ROBINSON MICHAEL & DEBRA	SECTION 15 TOWNSHIP 39N RANGE 15W VIRGIN ACR	$115.37 2023 & PRIOR
11356 R0258917	40267067	BEAVER DAM PROPERTY OWNERS
SECTION 36 TOWNSHIP 40N RANGE 15W ,	$34.27 2023
11357 R0258917	40267068	BEAVER DAM PROPERTY OWNERS
SECTION 36 TOWNSHIP 40N RANGE 15W ,	$34.27 2023
11358 R0258917	40267069	BEAVER DAM PROPERTY OWNERS
SECTION 36 TOWNSHIP 40N RANGE 15W TR 0019-A P	$47.81 2023
11359 R0258917	40267070	BEAVER DAM PROPERTY OWNERS
SECTION 36 TOWNSHIP 40N RANGE 15W ,	$11.37 2023
11360 R0258917	40267071	BEAVER DAM PROPERTY OWNERS
SECTION 36 TOWNSHIP 40N RANGE 15W BED AT A PT	$55.17 2023
11361 R0258917	40267072	BEAVER DAM PROPERTY OWNERS
SECTION 36 TOWNSHIP 40N RANGE 15W ,	$95.00 2023
11362 R0258917	40268001	OWENS VALLEY LLC	SECTION 36 TOWNSHIP 40N RANGE 15W ,	$1,120.84 2023
11363 R0258917	40270019	ROBIN JOHN	SECTION 36 TOWNSHIP 40N RANGE 15W ,	$1,120.84 2023
11364 R0258917	40270036	CONNELLEY DON H	SECTION 36 TOWNSHIP 40N RANGE 15W ,	$44.45 2023
11365 R0258917	40270120	REYNOLDS MARION	SECTION 36 TOWNSHIP 40N RANGE 15W ,	$1,346.72 2023 & PRIOR
11366 R0258917	40270121	CHRISTENSEN LESLIE G	SECTION 36 TOWNSHIP 40N RANGE 15W ,	$1,346.72 2023 & PRIOR
11367 R0258917	40270124	NOEL JIM	SECTION 36 TOWNSHIP 40N RANGE 15W ,	$1,346.66 2023 & PRIOR
11368 R0258917	40270166	STEWART VICTORIA LEE	SECTION 36 TOWNSHIP 40N RANGE 15W ,	$44.47 2023
11369 R0258917	40270168	CHAPPEL SHARON	SECTION 36 TOWNSHIP 40N RANGE 15W ,	$44.47 2023
11370 R0258917	40270181	WOOD DEBRA	SECTION 36 TOWNSHIP 40N RANGE 15W ,	$44.47 2023
